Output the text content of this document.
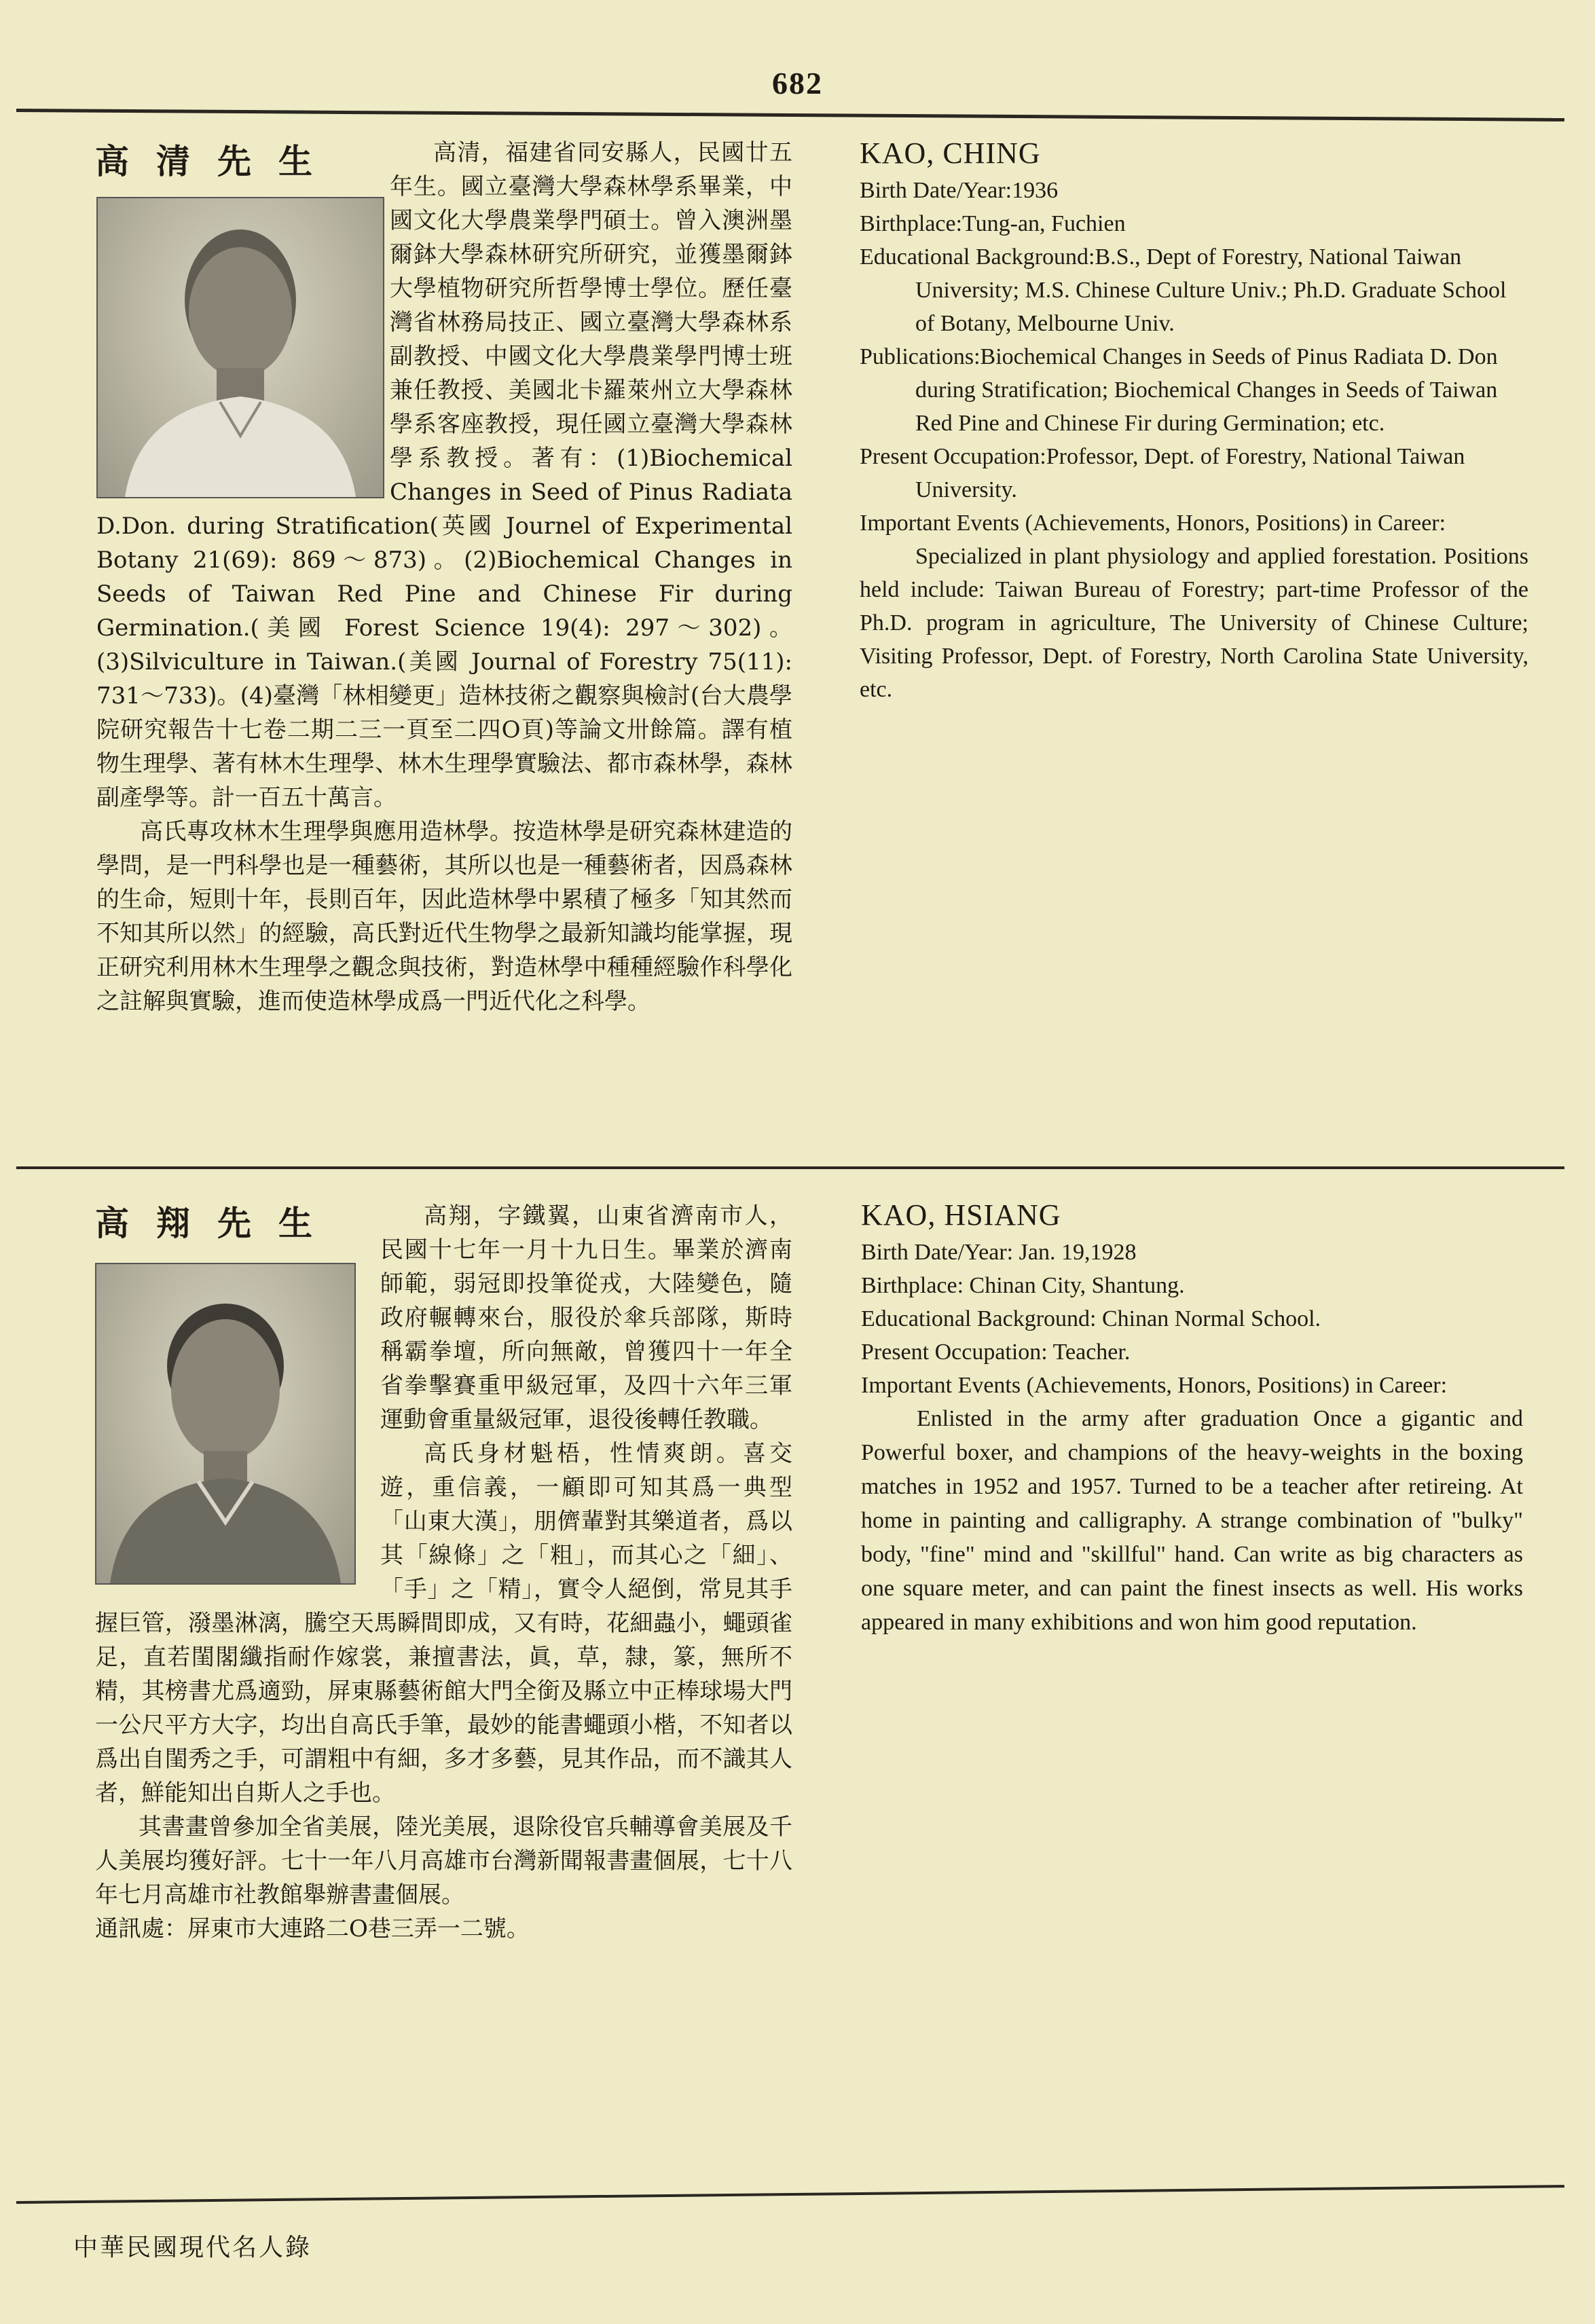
682
高清先生	高清，福建省同安縣人，民國廿五年生。國立臺灣大學森林學系畢業，中國文化大學農業學門碩士。曾入澳洲墨爾鉢大學森林研究所研究，並獲墨爾鉢大學植物研究所哲學博士學位。歷任臺灣省林務局技正、國立臺灣大學森林系副教授、中國文化大學農業學門博士班兼任教授、美國北卡羅萊州立大學森林學系客座教授，現任國立臺灣大學森林學系教授。著有：(1)Biochemical Changes in Seed of Pinus Radiata D.Don. during Stratification(英國 Journel of Experimental Botany 21(69): 869～873)。(2)Biochemical Changes in Seeds of Taiwan Red Pine and Chinese Fir during Germination.(美國 Forest Science 19(4): 297～302)。(3)Silviculture in Taiwan.(美國 Journal of Forestry 75(11): 731～733)。(4)臺灣「林相變更」造林技術之觀察與檢討(台大農學院研究報告十七卷二期二三一頁至二四O頁)等論文卅餘篇。譯有植物生理學、著有林木生理學、林木生理學實驗法、都市森林學，森林副產學等。計一百五十萬言。

高氏專攻林木生理學與應用造林學。按造林學是研究森林建造的學問，是一門科學也是一種藝術，其所以也是一種藝術者，因爲森林的生命，短則十年，長則百年，因此造林學中累積了極多「知其然而不知其所以然」的經驗，高氏對近代生物學之最新知識均能掌握，現正研究利用林木生理學之觀念與技術，對造林學中種種經驗作科學化之註解與實驗，進而使造林學成爲一門近代化之科學。

KAO, CHING

Birth Date/Year:1936

Birthplace:Tung-an, Fuchien

Educational Background:B.S., Dept of Forestry, National Taiwan University; M.S. Chinese Culture Univ.; Ph.D. Graduate School of Botany, Melbourne Univ.

Publications:Biochemical Changes in Seeds of Pinus Radiata D. Don during Stratification; Biochemical Changes in Seeds of Taiwan Red Pine and Chinese Fir during Germination; etc.

Present Occupation:Professor, Dept. of Forestry, National Taiwan University.

Important Events (Achievements, Honors, Positions) in Career:

Specialized in plant physiology and applied forestation. Positions held include: Taiwan Bureau of Forestry; part-time Professor of the Ph.D. program in agriculture, The University of Chinese Culture; Visiting Professor, Dept. of Forestry, North Carolina State University, etc.

高翔先生	高翔，字鐵翼，山東省濟南市人，民國十七年一月十九日生。畢業於濟南師範，弱冠即投筆從戎，大陸變色，隨政府輾轉來台，服役於傘兵部隊，斯時稱霸拳壇，所向無敵，曾獲四十一年全省拳擊賽重甲級冠軍，及四十六年三軍運動會重量級冠軍，退役後轉任教職。

高氏身材魁梧，性情爽朗。喜交遊，重信義，一顧即可知其爲一典型「山東大漢」，朋儕輩對其樂道者，爲以其「線條」之「粗」，而其心之「細」、「手」之「精」，實令人絕倒，常見其手握巨管，潑墨淋漓，騰空天馬瞬間即成，又有時，花細蟲小，蠅頭雀足，直若閨閣纖指耐作嫁裳，兼擅書法，眞，草，隸，篆，無所不精，其榜書尤爲適勁，屏東縣藝術館大門全銜及縣立中正棒球場大門一公尺平方大字，均出自高氏手筆，最妙的能書蠅頭小楷，不知者以爲出自閨秀之手，可謂粗中有細，多才多藝，見其作品，而不識其人者，鮮能知出自斯人之手也。

其書畫曾參加全省美展，陸光美展，退除役官兵輔導會美展及千人美展均獲好評。七十一年八月高雄市台灣新聞報書畫個展，七十八年七月高雄市社教館舉辦書畫個展。

通訊處：屏東市大連路二O巷三弄一二號。

KAO, HSIANG

Birth Date/Year: Jan. 19,1928

Birthplace: Chinan City, Shantung.

Educational Background: Chinan Normal School.

Present Occupation: Teacher.

Important Events (Achievements, Honors, Positions) in Career:

Enlisted in the army after graduation Once a gigantic and Powerful boxer, and champions of the heavy-weights in the boxing matches in 1952 and 1957. Turned to be a teacher after retireing. At home in painting and calligraphy. A strange combination of "bulky" body, "fine" mind and "skillful" hand. Can write as big characters as one square meter, and can paint the finest insects as well. His works appeared in many exhibitions and won him good reputation.

中華民國現代名人錄
